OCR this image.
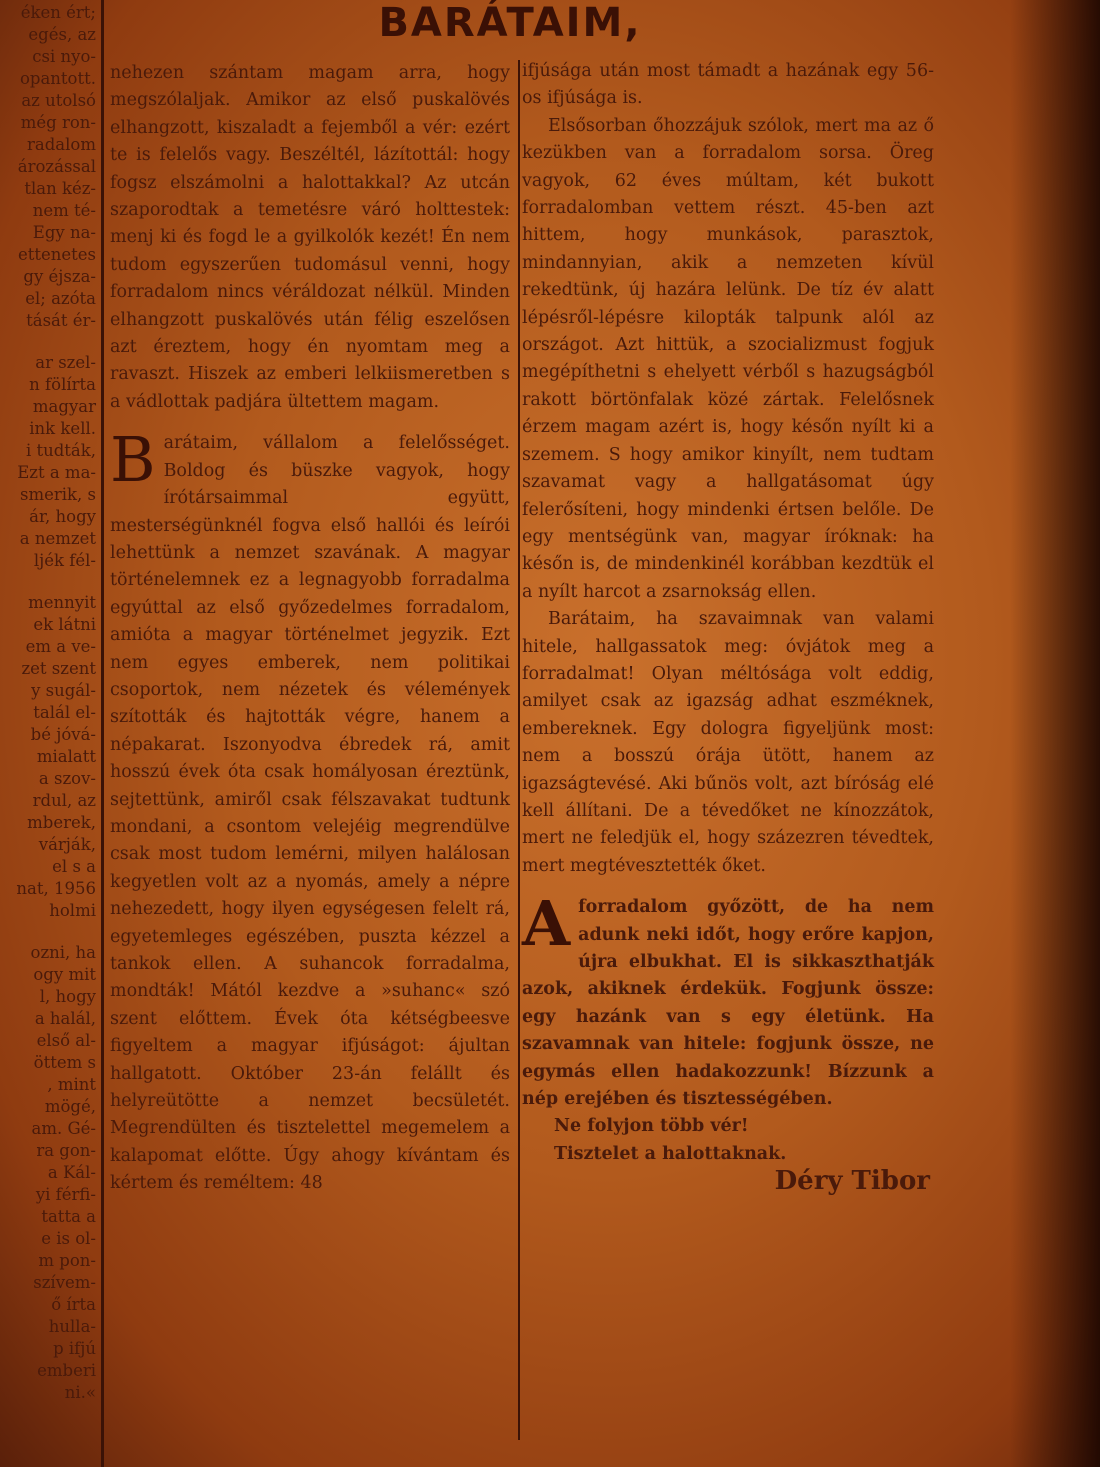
BARÁTAIM,
éken ért;
egés, az
csi nyo-
opantott.
az utolsó
még ron-
radalom
ározással
tlan kéz-
nem té-
Egy na-
ettenetes
gy éjsza-
el; azóta
tását ér-
ar szel-
n fölírta
magyar
ink kell.
i tudták,
Ezt a ma-
smerik, s
ár, hogy
a nemzet
ljék fél-
mennyit
ek látni
em a ve-
zet szent
y sugál-
talál el-
bé jóvá-
mialatt
a szov-
rdul, az
mberek,
várják,
el s a
nat, 1956
holmi
ozni, ha
ogy mit
l, hogy
a halál,
első al-
öttem s
, mint
mögé,
am. Gé-
ra gon-
a Kál-
yi férfi-
tatta a
e is ol-
m pon-
szívem-
ő írta
hulla-
p ifjú
emberi
ni.«

nehezen szántam magam arra, hogy megszólaljak. Amikor az első puskalövés elhangzott, kiszaladt a fejemből a vér: ezért te is felelős vagy. Beszéltél, lázítottál: hogy fogsz elszámolni a halottakkal? Az utcán szaporodtak a temetésre váró holttestek: menj ki és fogd le a gyilkolók kezét! Én nem tudom egyszerűen tudomásul venni, hogy forradalom nincs véráldozat nélkül. Minden elhangzott puskalövés után félig eszelősen azt éreztem, hogy én nyomtam meg a ravaszt. Hiszek az emberi lelkiismeretben s a vádlottak padjára ültettem magam.

Barátaim, vállalom a felelősséget. Boldog és büszke vagyok, hogy írótársaimmal együtt, mesterségünknél fogva első hallói és leírói lehettünk a nemzet szavának. A magyar történelemnek ez a legnagyobb forradalma egyúttal az első győzedelmes forradalom, amióta a magyar történelmet jegyzik. Ezt nem egyes emberek, nem politikai csoportok, nem nézetek és vélemények szították és hajtották végre, hanem a népakarat. Iszonyodva ébredek rá, amit hosszú évek óta csak homályosan éreztünk, sejtettünk, amiről csak félszavakat tudtunk mondani, a csontom velejéig megrendülve csak most tudom lemérni, milyen halálosan kegyetlen volt az a nyomás, amely a népre nehezedett, hogy ilyen egységesen felelt rá, egyetemleges egészében, puszta kézzel a tankok ellen. A suhancok forradalma, mondták! Mától kezdve a »suhanc« szó szent előttem. Évek óta kétségbeesve figyeltem a magyar ifjúságot: ájultan hallgatott. Október 23-án felállt és helyreütötte a nemzet becsületét. Megrendülten és tisztelettel megemelem a kalapomat előtte. Úgy ahogy kívántam és kértem és reméltem: 48

ifjúsága után most támadt a hazának egy 56-os ifjúsága is.

Elsősorban őhozzájuk szólok, mert ma az ő kezükben van a forradalom sorsa. Öreg vagyok, 62 éves múltam, két bukott forradalomban vettem részt. 45-ben azt hittem, hogy munkások, parasztok, mindannyian, akik a nemzeten kívül rekedtünk, új hazára lelünk. De tíz év alatt lépésről-lépésre kilopták talpunk alól az országot. Azt hittük, a szocializmust fogjuk megépíthetni s ehelyett vérből s hazugságból rakott börtönfalak közé zártak. Felelősnek érzem magam azért is, hogy későn nyílt ki a szemem. S hogy amikor kinyílt, nem tudtam szavamat vagy a hallgatásomat úgy felerősíteni, hogy mindenki értsen belőle. De egy mentségünk van, magyar íróknak: ha későn is, de mindenkinél korábban kezdtük el a nyílt harcot a zsarnokság ellen.

Barátaim, ha szavaimnak van valami hitele, hallgassatok meg: óvjátok meg a forradalmat! Olyan méltósága volt eddig, amilyet csak az igazság adhat eszméknek, embereknek. Egy dologra figyeljünk most: nem a bosszú órája ütött, hanem az igazságtevésé. Aki bűnös volt, azt bíróság elé kell állítani. De a tévedőket ne kínozzátok, mert ne feledjük el, hogy százezren tévedtek, mert megtévesztették őket.

Aforradalom győzött, de ha nem adunk neki időt, hogy erőre kapjon, újra elbukhat. El is sikkaszthatják azok, akiknek érdekük. Fogjunk össze: egy hazánk van s egy életünk. Ha szavamnak van hitele: fogjunk össze, ne egymás ellen hadakozzunk! Bízzunk a nép erejében és tisztességében.

Ne folyjon több vér!

Tisztelet a halottaknak.

Déry Tibor
